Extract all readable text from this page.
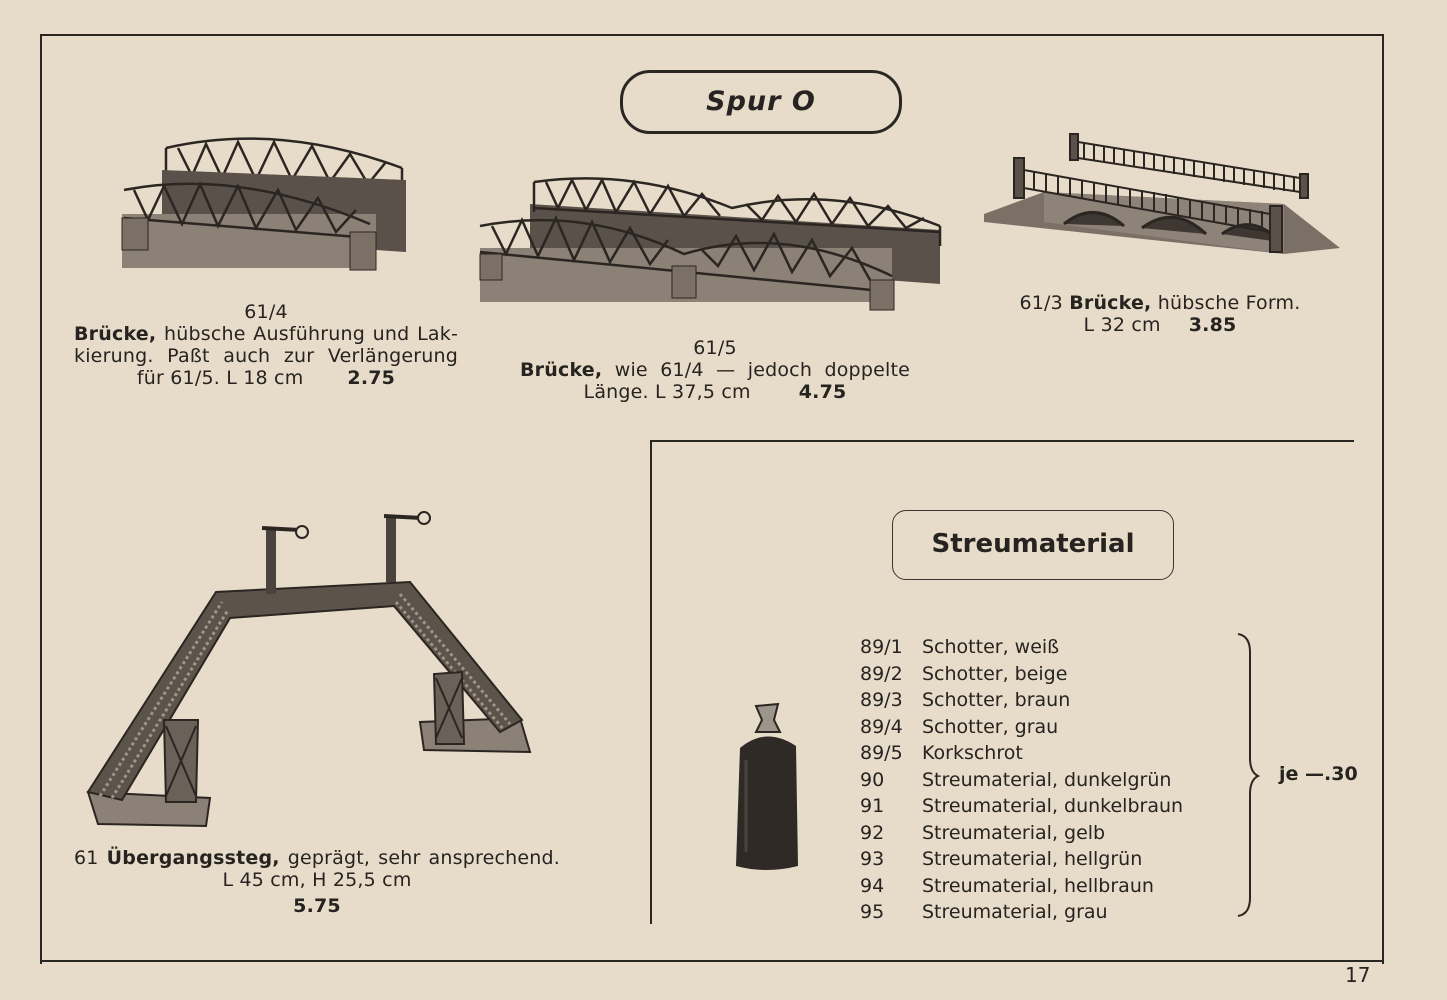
17
Spur O
61/4
Brücke, hübsche Ausführung und Lak-
kierung. Paßt auch zur Verlängerung
für 61/5. L 18 cm 2.75
61/5
Brücke, wie 61/4 — jedoch doppelte
Länge. L 37,5 cm	4.75
61/3 Brücke, hübsche Form.
L 32 cm 3.85
61 Übergangssteg, geprägt, sehr ansprechend.
L 45 cm, H 25,5 cm
5.75
Streumaterial
89/1 Schotter, weiß
89/2 Schotter, beige
89/3 Schotter, braun
89/4 Schotter, grau
89/5 Korkschrot
90 Streumaterial, dunkelgrün
91 Streumaterial, dunkelbraun
92 Streumaterial, gelb
93 Streumaterial, hellgrün
94 Streumaterial, hellbraun
95 Streumaterial, grau
je —.30
